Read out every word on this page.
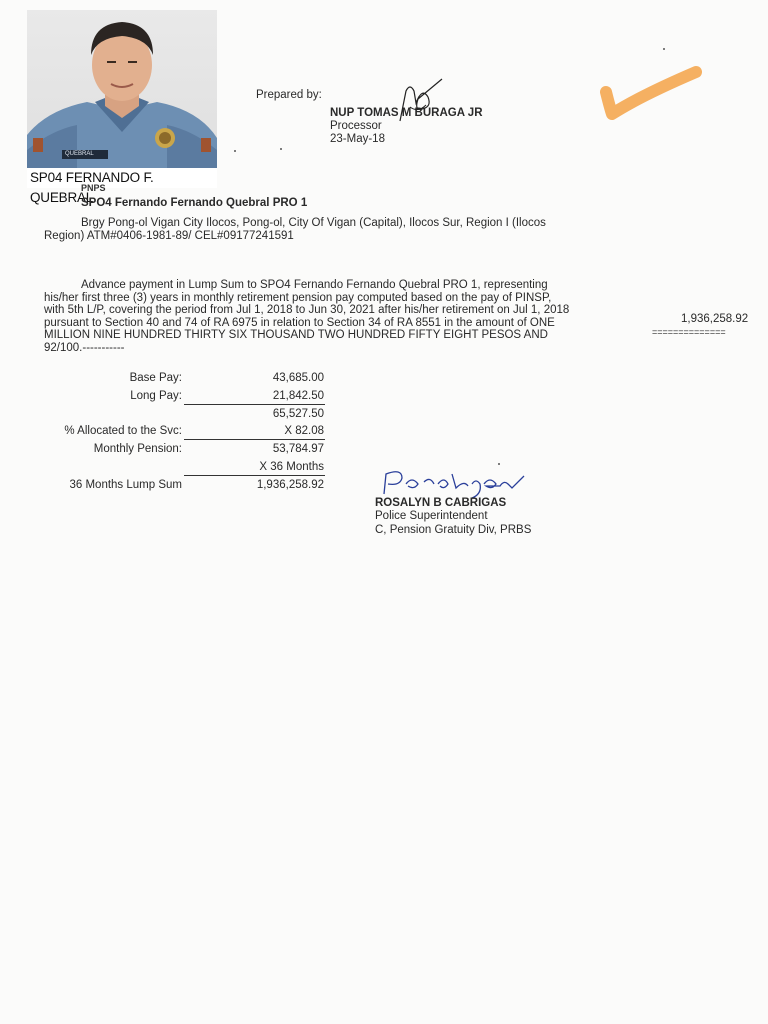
QUEBRAL
SP04 FERNANDO F. QUEBRAL
Prepared by:
NUP TOMAS M BURAGA JR
Processor
23-May-18
PNPS
SPO4 Fernando Fernando Quebral PRO 1
Brgy Pong-ol Vigan City Ilocos, Pong-ol, City Of Vigan (Capital), Ilocos Sur, Region I (Ilocos
Region) ATM#0406-1981-89/ CEL#09177241591
Advance payment in Lump Sum to SPO4 Fernando Fernando Quebral PRO 1, representing
his/her first three (3) years in monthly retirement pension pay computed based on the pay of PINSP,
with 5th L/P, covering the period from Jul 1, 2018 to Jun 30, 2021 after his/her retirement on Jul 1, 2018
pursuant to Section 40 and 74 of RA 6975 in relation to Section 34 of RA 8551 in the amount of ONE
MILLION NINE HUNDRED THIRTY SIX THOUSAND TWO HUNDRED FIFTY EIGHT PESOS AND
92/100.-----------
1,936,258.92
==============
Base Pay:	43,685.00
Long Pay:	21,842.50
65,527.50
% Allocated to the Svc:	X 82.08
Monthly Pension:	53,784.97
X 36 Months
36 Months Lump Sum	1,936,258.92
ROSALYN B CABRIGAS
Police Superintendent
C, Pension Gratuity Div, PRBS
